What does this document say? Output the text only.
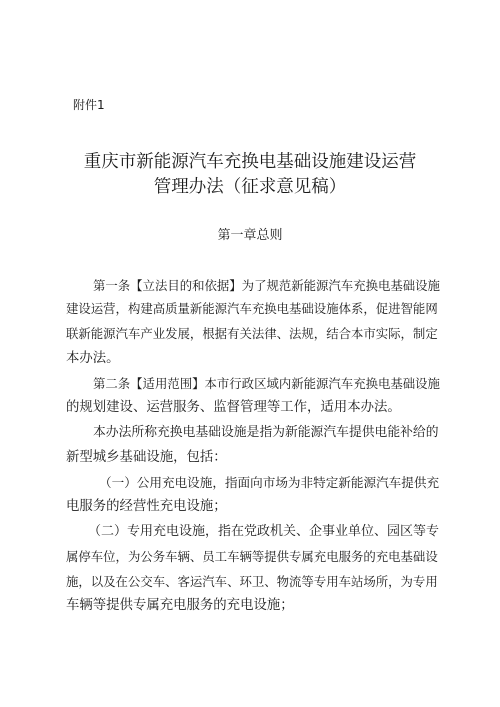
附件1
重庆市新能源汽车充换电基础设施建设运营
管理办法（征求意见稿）
第一章总则
第一条【立法目的和依据】为了规范新能源汽车充换电基础设施
建设运营，构建高质量新能源汽车充换电基础设施体系，促进智能网
联新能源汽车产业发展，根据有关法律、法规，结合本市实际，制定
本办法。
第二条【适用范围】本市行政区域内新能源汽车充换电基础设施
的规划建设、运营服务、监督管理等工作，适用本办法。
本办法所称充换电基础设施是指为新能源汽车提供电能补给的
新型城乡基础设施，包括：
（一）公用充电设施，指面向市场为非特定新能源汽车提供充
电服务的经营性充电设施；
（二）专用充电设施，指在党政机关、企事业单位、园区等专
属停车位，为公务车辆、员工车辆等提供专属充电服务的充电基础设
施，以及在公交车、客运汽车、环卫、物流等专用车站场所，为专用
车辆等提供专属充电服务的充电设施；
